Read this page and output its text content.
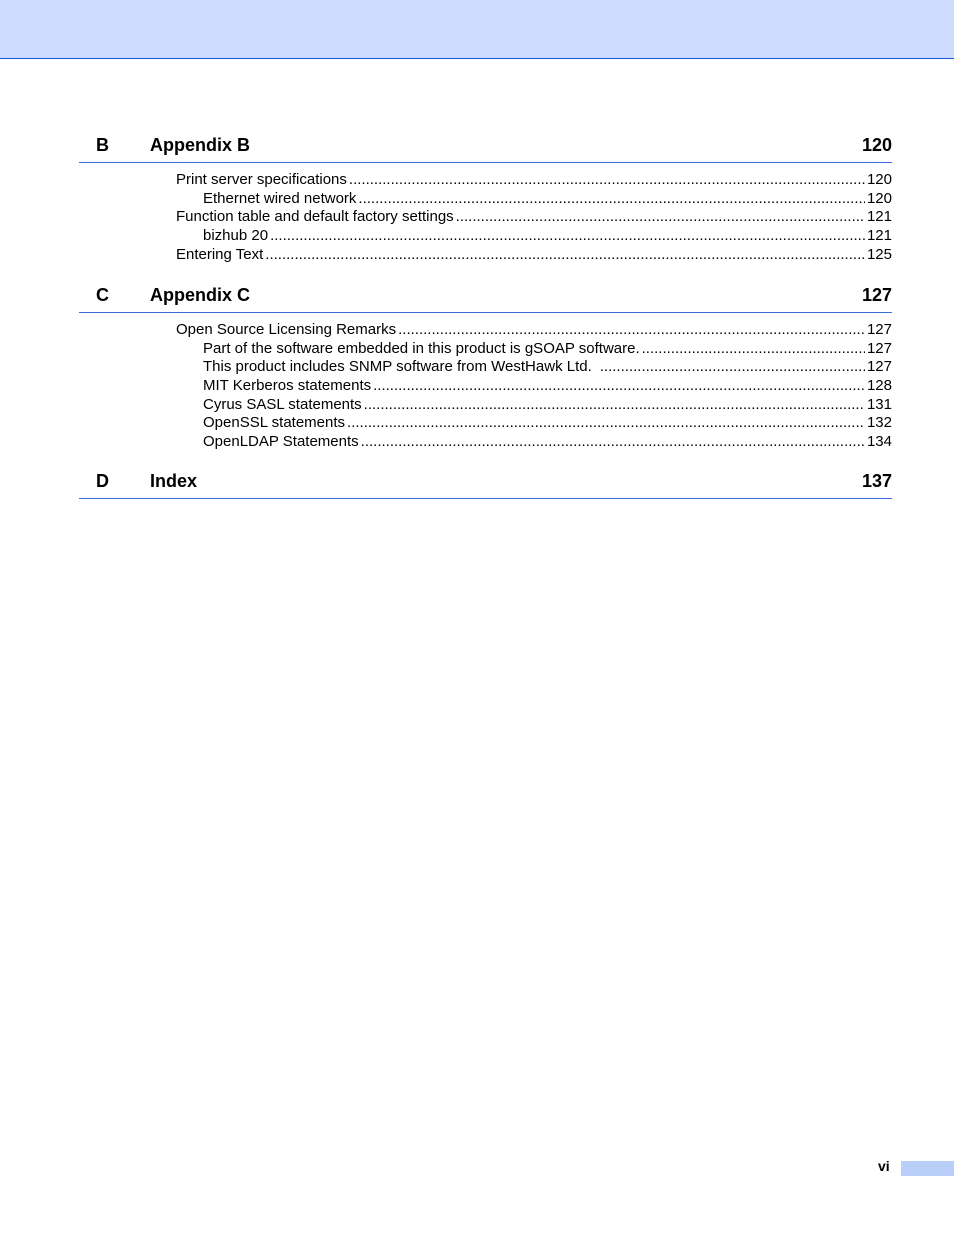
B Appendix B	120
Print server specifications .....	120
Ethernet wired network .....	120
Function table and default factory settings .....	121
bizhub 20 .....	121
Entering Text .....	125
C Appendix C	127
Open Source Licensing Remarks .....	127
Part of the software embedded in this product is gSOAP software. .....	127
This product includes SNMP software from WestHawk Ltd. .....	127
MIT Kerberos statements .....	128
Cyrus SASL statements .....	131
OpenSSL statements .....	132
OpenLDAP Statements .....	134
D Index	137
vi
